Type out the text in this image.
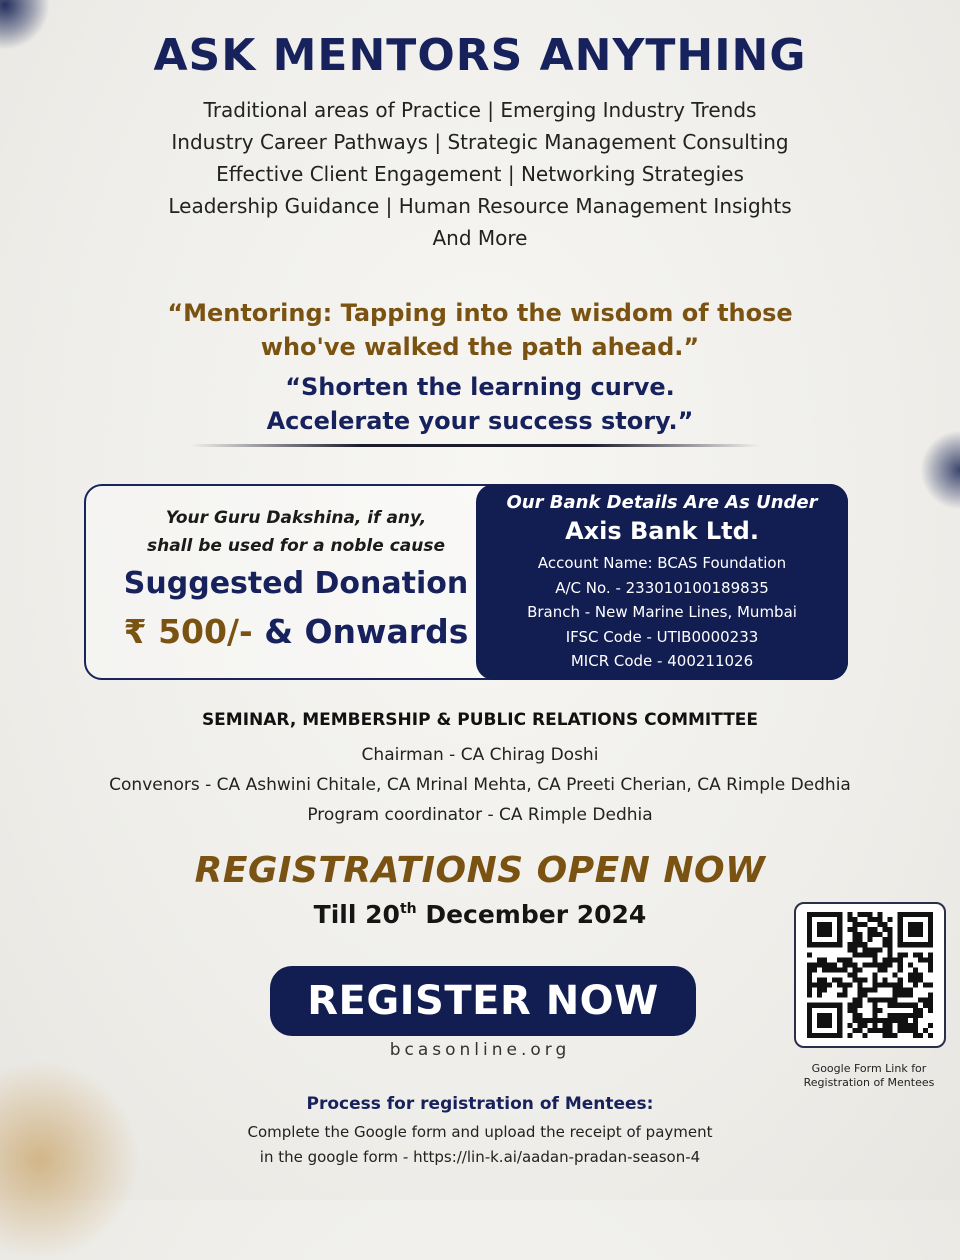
ASK MENTORS ANYTHING
Traditional areas of Practice | Emerging Industry Trends
Industry Career Pathways | Strategic Management Consulting
Effective Client Engagement | Networking Strategies
Leadership Guidance | Human Resource Management Insights
And More
“Mentoring: Tapping into the wisdom of those
who've walked the path ahead.”
“Shorten the learning curve.
Accelerate your success story.”
Your Guru Dakshina, if any,
shall be used for a noble cause
Suggested Donation
₹ 500/- & Onwards
Our Bank Details Are As Under
Axis Bank Ltd.
Account Name: BCAS Foundation
A/C No. - 233010100189835
Branch - New Marine Lines, Mumbai
IFSC Code - UTIB0000233
MICR Code - 400211026
SEMINAR, MEMBERSHIP & PUBLIC RELATIONS COMMITTEE
Chairman - CA Chirag Doshi
Convenors - CA Ashwini Chitale, CA Mrinal Mehta, CA Preeti Cherian, CA Rimple Dedhia
Program coordinator - CA Rimple Dedhia
REGISTRATIONS OPEN NOW
Till 20th December 2024
REGISTER NOW
bcasonline.org
Google Form Link for
Registration of Mentees
Process for registration of Mentees:
Complete the Google form and upload the receipt of payment
in the google form - https://lin-k.ai/aadan-pradan-season-4
